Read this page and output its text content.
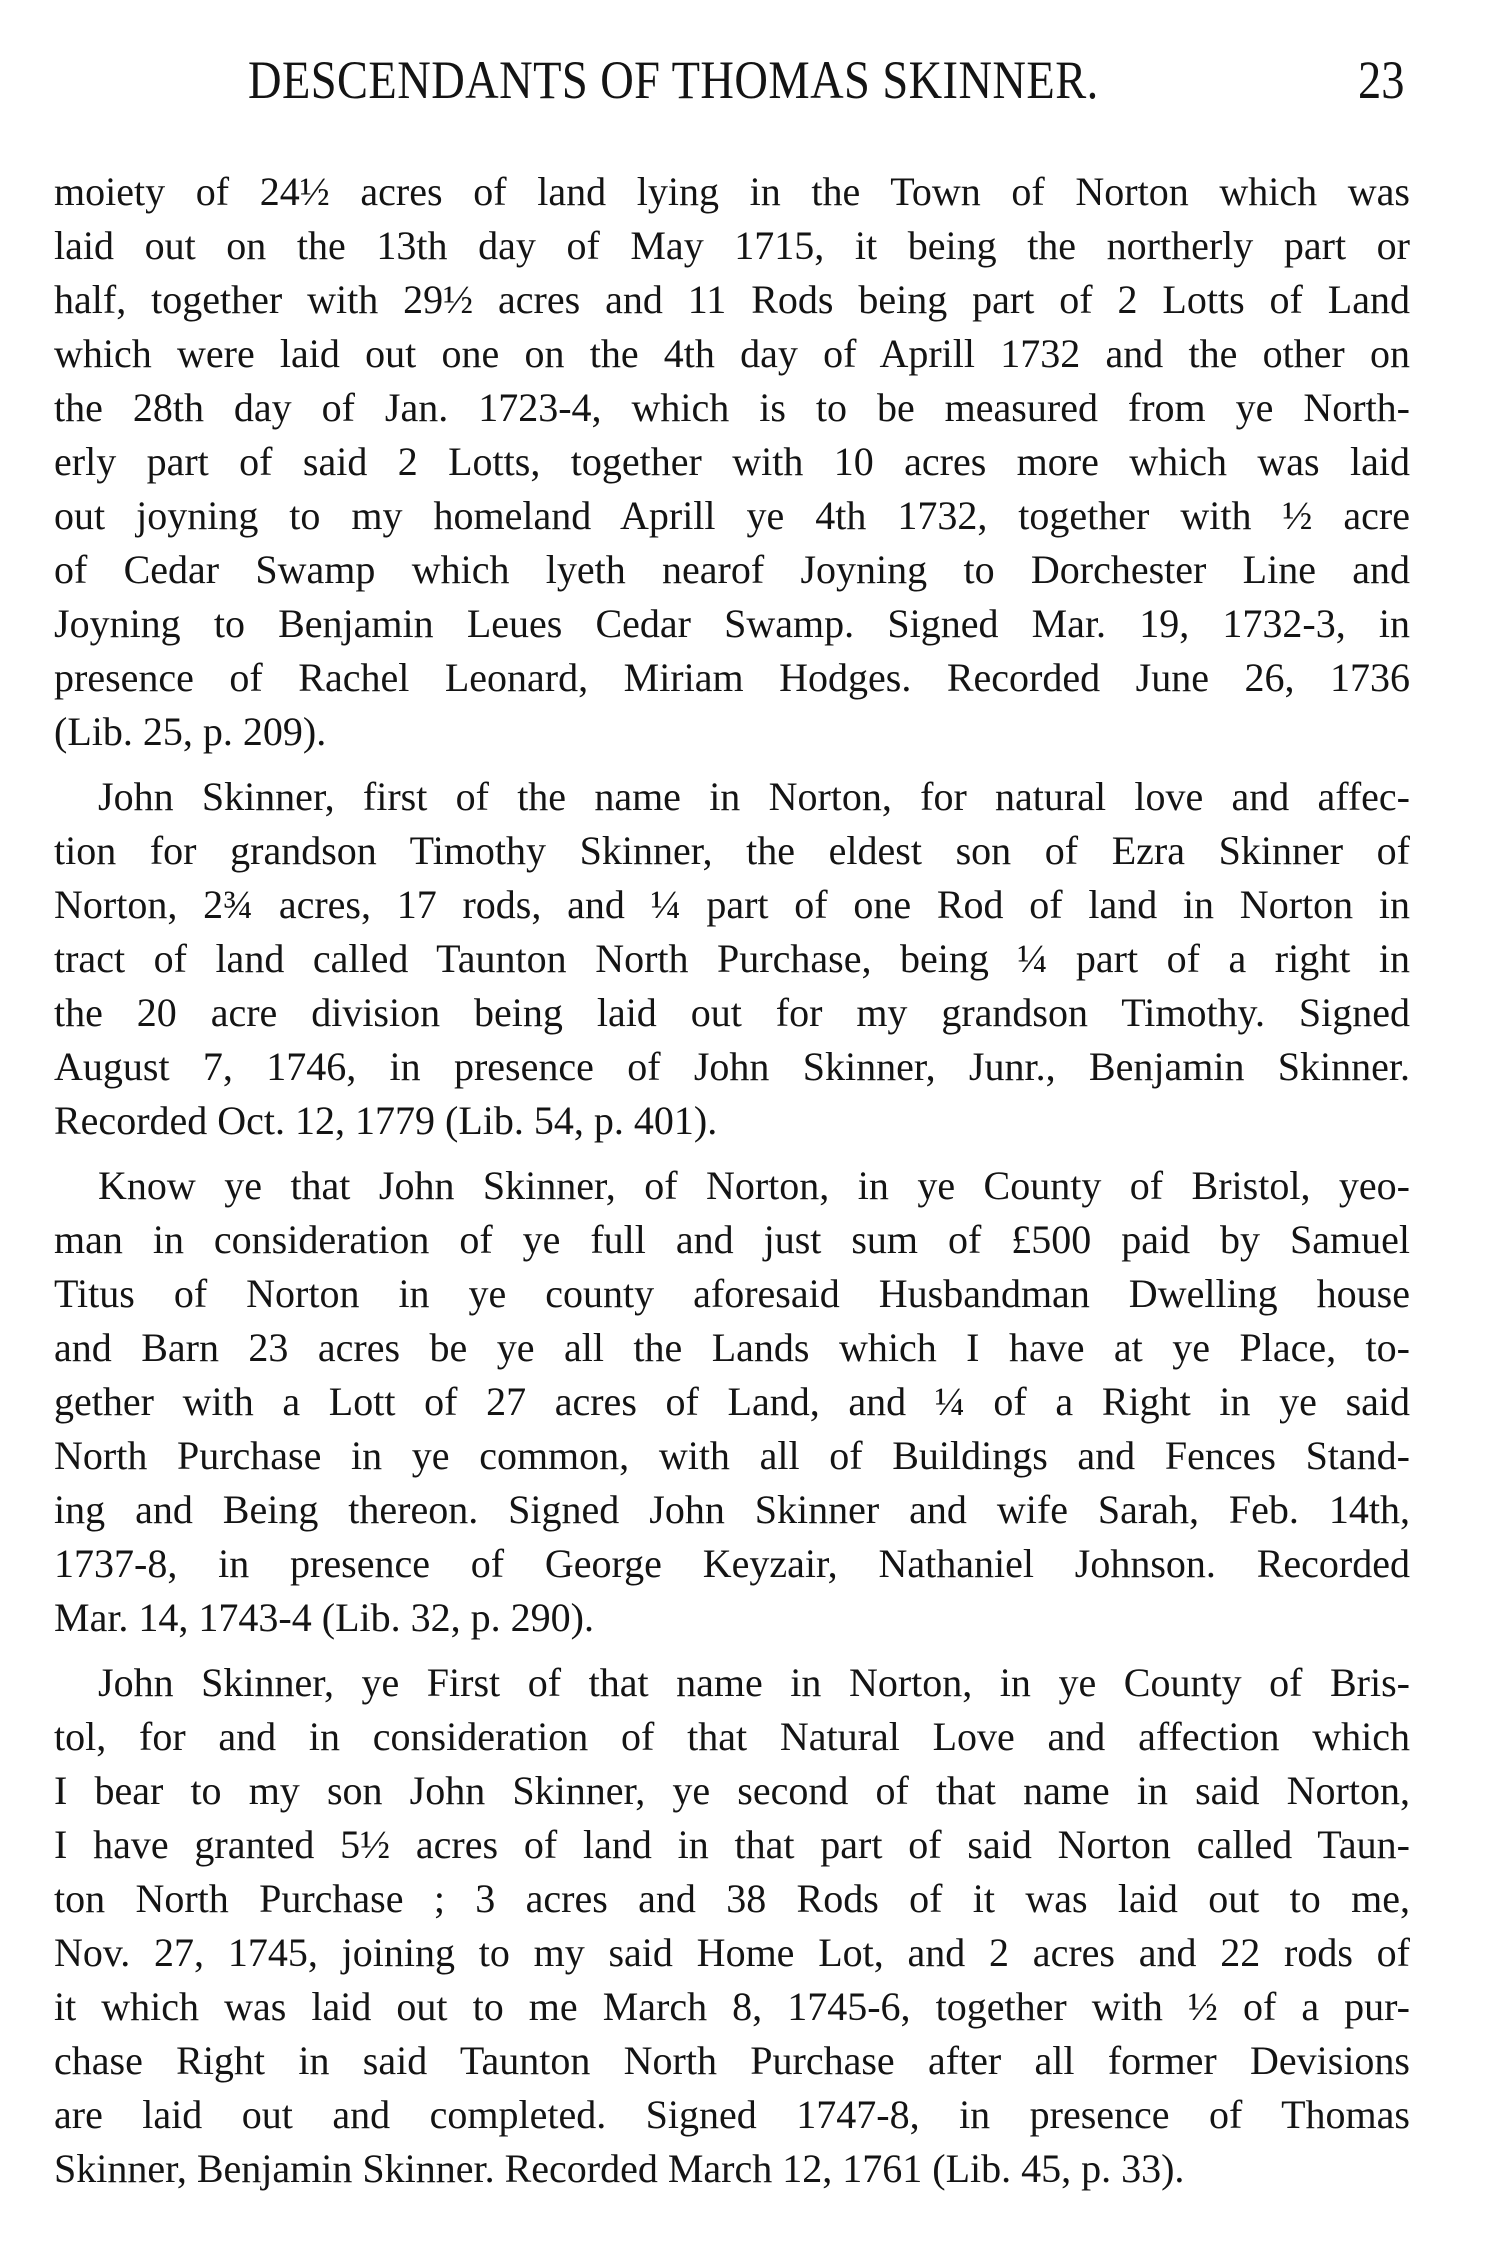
DESCENDANTS OF THOMAS SKINNER.	23
moiety of 24½ acres of land lying in the Town of Norton which was
laid out on the 13th day of May 1715, it being the northerly part or
half, together with 29½ acres and 11 Rods being part of 2 Lotts of Land
which were laid out one on the 4th day of Aprill 1732 and the other on
the 28th day of Jan. 1723-4, which is to be measured from ye North-
erly part of said 2 Lotts, together with 10 acres more which was laid
out joyning to my homeland Aprill ye 4th 1732, together with ½ acre
of Cedar Swamp which lyeth nearof Joyning to Dorchester Line and
Joyning to Benjamin Leues Cedar Swamp. Signed Mar. 19, 1732-3, in
presence of Rachel Leonard, Miriam Hodges. Recorded June 26, 1736
(Lib. 25, p. 209).
John Skinner, first of the name in Norton, for natural love and affec-
tion for grandson Timothy Skinner, the eldest son of Ezra Skinner of
Norton, 2¾ acres, 17 rods, and ¼ part of one Rod of land in Norton in
tract of land called Taunton North Purchase, being ¼ part of a right in
the 20 acre division being laid out for my grandson Timothy. Signed
August 7, 1746, in presence of John Skinner, Junr., Benjamin Skinner.
Recorded Oct. 12, 1779 (Lib. 54, p. 401).
Know ye that John Skinner, of Norton, in ye County of Bristol, yeo-
man in consideration of ye full and just sum of £500 paid by Samuel
Titus of Norton in ye county aforesaid Husbandman Dwelling house
and Barn 23 acres be ye all the Lands which I have at ye Place, to-
gether with a Lott of 27 acres of Land, and ¼ of a Right in ye said
North Purchase in ye common, with all of Buildings and Fences Stand-
ing and Being thereon. Signed John Skinner and wife Sarah, Feb. 14th,
1737-8, in presence of George Keyzair, Nathaniel Johnson. Recorded
Mar. 14, 1743-4 (Lib. 32, p. 290).
John Skinner, ye First of that name in Norton, in ye County of Bris-
tol, for and in consideration of that Natural Love and affection which
I bear to my son John Skinner, ye second of that name in said Norton,
I have granted 5½ acres of land in that part of said Norton called Taun-
ton North Purchase ; 3 acres and 38 Rods of it was laid out to me,
Nov. 27, 1745, joining to my said Home Lot, and 2 acres and 22 rods of
it which was laid out to me March 8, 1745-6, together with ½ of a pur-
chase Right in said Taunton North Purchase after all former Devisions
are laid out and completed. Signed 1747-8, in presence of Thomas
Skinner, Benjamin Skinner. Recorded March 12, 1761 (Lib. 45, p. 33).
